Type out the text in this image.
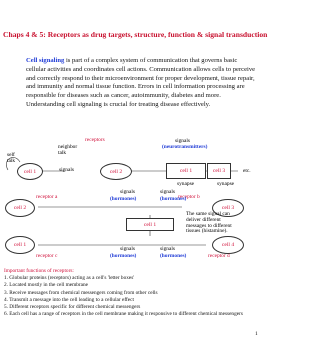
Chaps 4 & 5: Receptors as drug targets, structure, function & signal transduction
Cell signaling is part of a complex system of communication that governs basic cellular activities and coordinates cell actions. Communication allows cells to perceive and correctly respond to their microenvironment for proper development, tissue repair, and immunity and normal tissue function. Errors in cell information processing are responsible for diseases such as cancer, autoimmunity, diabetes and more. Understanding cell signaling is crucial for treating disease effectively.
receptors
neighbor
talk
self
talk
signals
(neurotransmitters)
signals
cell 1	cell 2	cell 1	cell 3	etc.
synapse	synapse
signals
(hormones)
receptor a	receptor b
signals
(hormones)
cell 2	cell 3
cell 1
The same signal can
deliver different
messages to different
tissues (histamine).
cell 1	cell 4
receptor c	receptor d
signals
(hormones)
signals
(hormones)
Important functions of receptors:
1. Globular proteins (receptors) acting as a cell's 'letter boxes'
2. Located mostly in the cell membrane
3. Receive messages from chemical messengers coming from other cells
4. Transmit a message into the cell leading to a cellular effect
5. Different receptors specific for different chemical messengers
6. Each cell has a range of receptors in the cell membrane making it responsive to different chemical messengers
1
